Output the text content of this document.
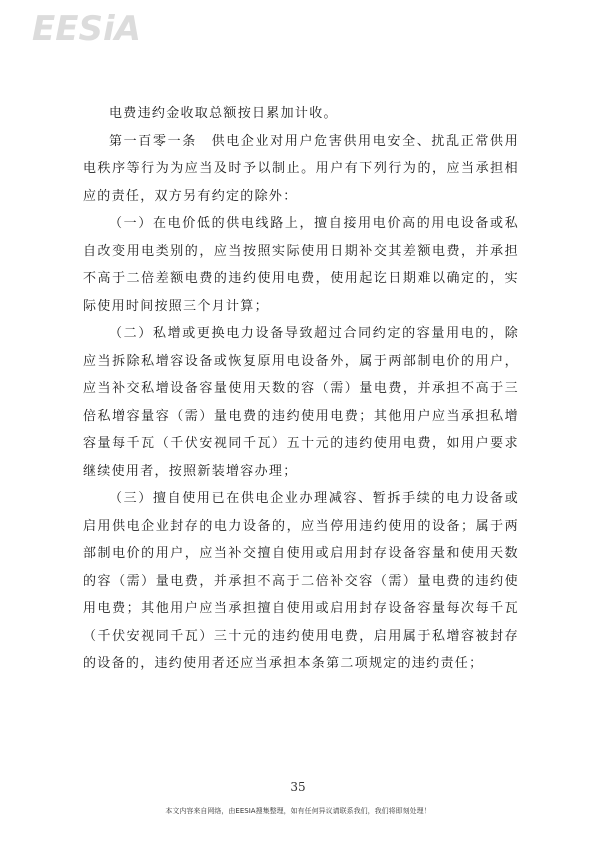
EESiA

电费违约金收取总额按日累加计收。

第一百零一条　供电企业对用户危害供用电安全、扰乱正常供用电秩序等行为为应当及时予以制止。用户有下列行为的，应当承担相应的责任，双方另有约定的除外：

（一）在电价低的供电线路上，擅自接用电价高的用电设备或私自改变用电类别的，应当按照实际使用日期补交其差额电费，并承担不高于二倍差额电费的违约使用电费，使用起讫日期难以确定的，实际使用时间按照三个月计算；

（二）私增或更换电力设备导致超过合同约定的容量用电的，除应当拆除私增容设备或恢复原用电设备外，属于两部制电价的用户，应当补交私增设备容量使用天数的容（需）量电费，并承担不高于三倍私增容量容（需）量电费的违约使用电费；其他用户应当承担私增容量每千瓦（千伏安视同千瓦）五十元的违约使用电费，如用户要求继续使用者，按照新装增容办理；

（三）擅自使用已在供电企业办理减容、暂拆手续的电力设备或启用供电企业封存的电力设备的，应当停用违约使用的设备；属于两部制电价的用户，应当补交擅自使用或启用封存设备容量和使用天数的容（需）量电费，并承担不高于二倍补交容（需）量电费的违约使用电费；其他用户应当承担擅自使用或启用封存设备容量每次每千瓦（千伏安视同千瓦）三十元的违约使用电费，启用属于私增容被封存的设备的，违约使用者还应当承担本条第二项规定的违约责任；

35
本文内容来自网络，由EESIA搜集整理，如有任何异议请联系我们，我们将即刻处理！
